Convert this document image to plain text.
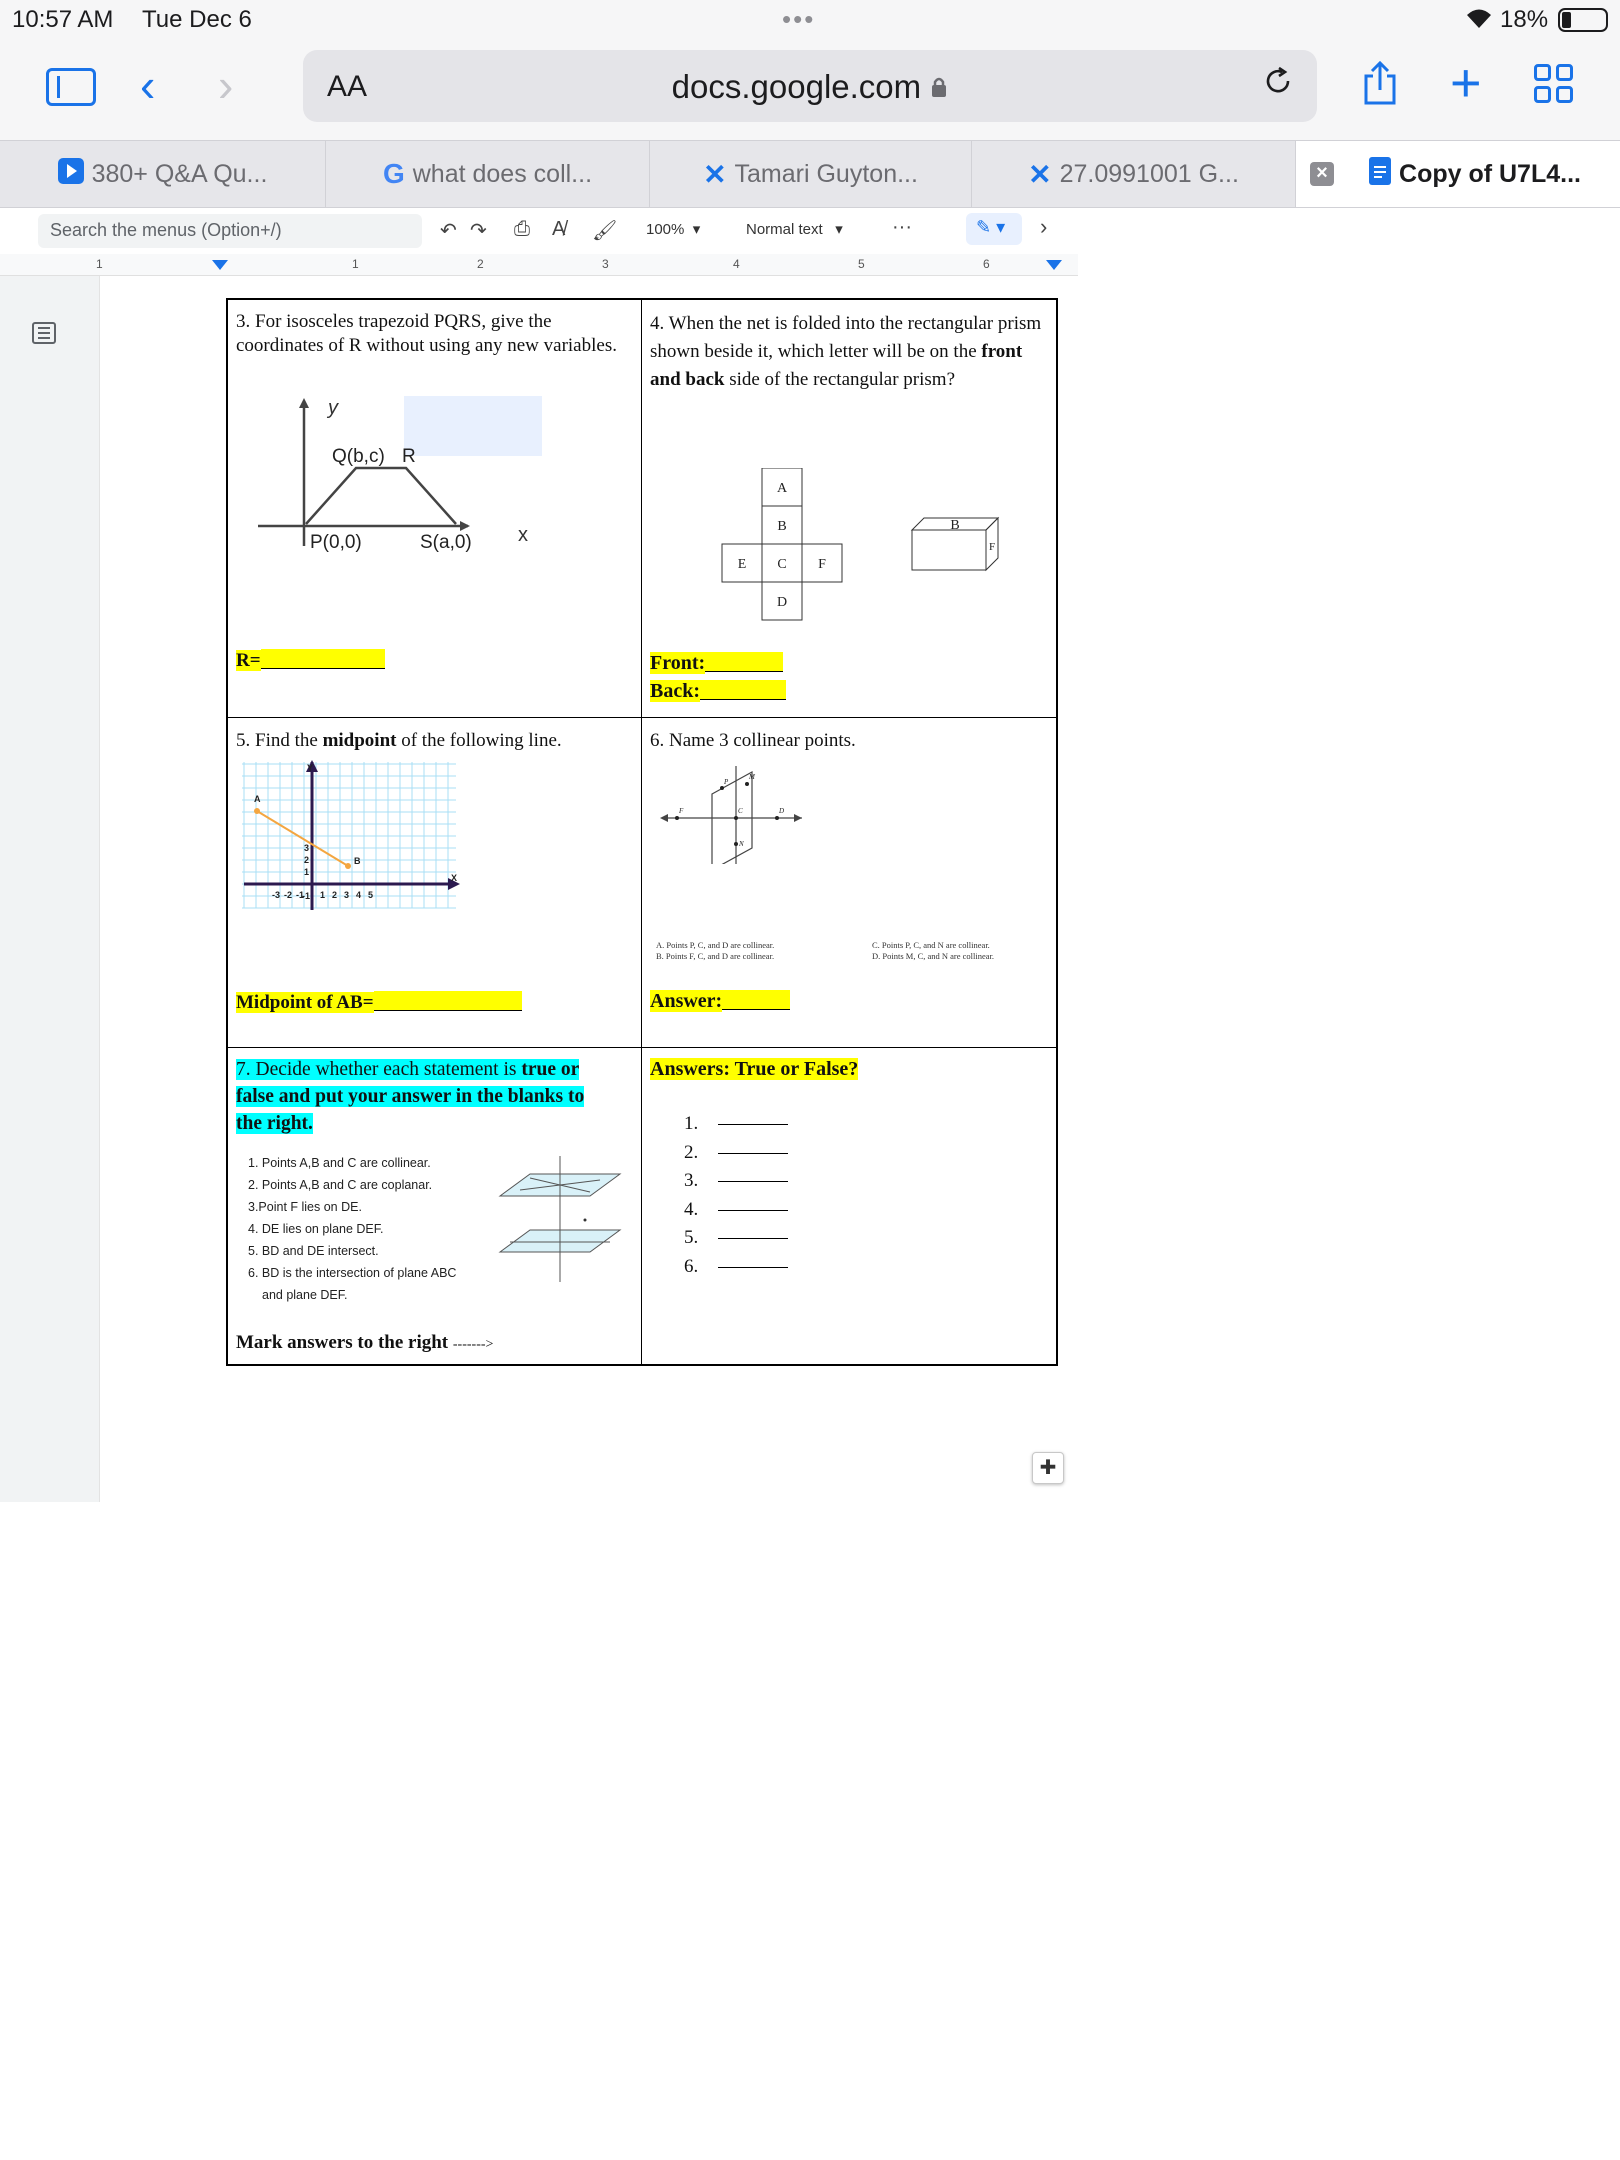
10:57 AM Tue Dec 6	•••	18%
‹ ›	AA	docs.google.com	+
380+ Q&A Qu...	G what does coll...	✕ Tamari Guyton...	✕ 27.0991001 G...	×	Copy of U7L4...
Search the menus (Option+/)	↶ ↷ ⎙ A̸ 🖌 100%  ▾	Normal text   ▾ ···	✎ ▾	›
1	1	2	3	4	5	6
3. For isosceles trapezoid PQRS, give the coordinates of R without using any new variables.
y
x
Q(b,c) R
P(0,0)	S(a,0)
R=
4. When the net is folded into the rectangular prism shown beside it, which letter will be on the front and back side of the rectangular prism?
A
B
E C F
D
B
F
Front:
Back:
5. Find the midpoint of the following line.
Y
X
A
B
-3 -2 -1 1 2 3 4 5
3
2
1
-1
Midpoint of AB=
6. Name 3 collinear points.
P
M
F	C	D
N
A. Points P, C, and D are collinear.
B. Points F, C, and D are collinear.
C. Points P, C, and N are collinear.
D. Points M, C, and N are collinear.
Answer:
7. Decide whether each statement is true or
false and put your answer in the blanks to
the right.
1. Points A,B and C are collinear.
2. Points A,B and C are coplanar.
3.Point F lies on DE.
4. DE lies on plane DEF.
5. BD and DE intersect.
6. BD is the intersection of plane ABC
and plane DEF.
Mark answers to the right ------->
Answers: True or False?
1.
2.
3.
4.
5.
6.
✚
